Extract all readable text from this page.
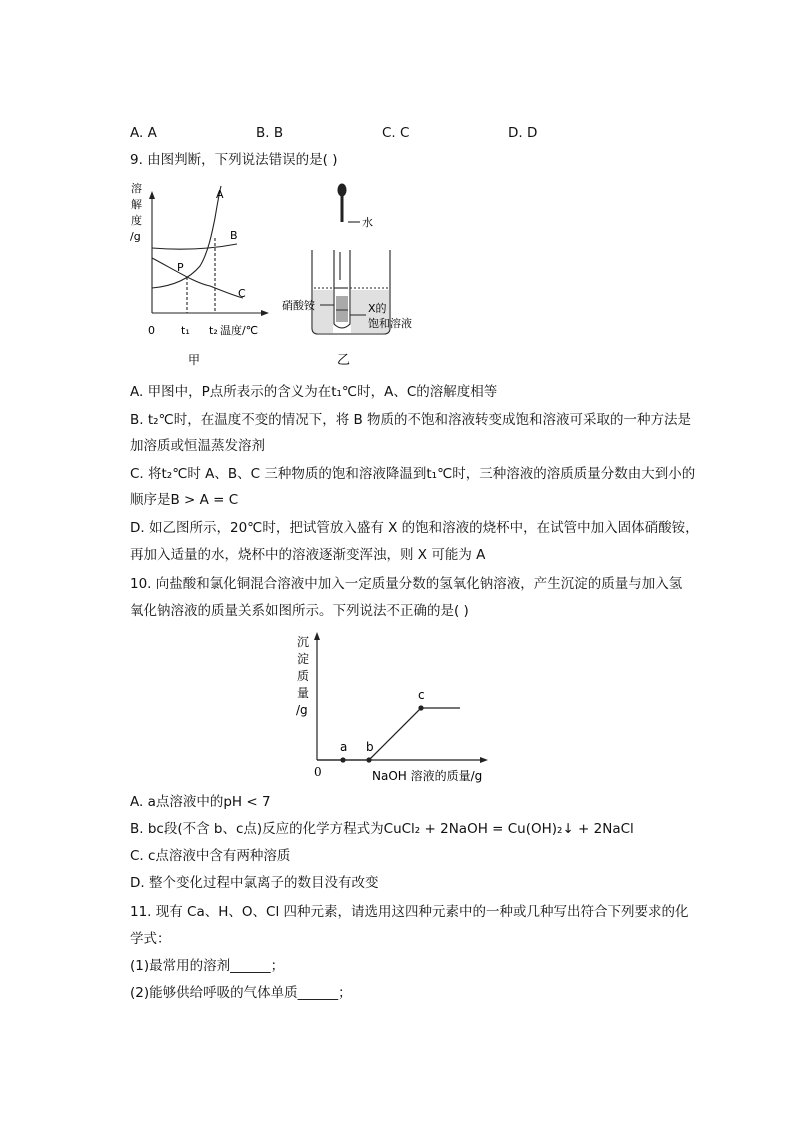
A. A	B. B	C. C	D. D
9. 由图判断，下列说法错误的是( )
溶
解
度
/g
A
B
C
P
0 t₁ t₂ 温度/℃
甲
水
硝酸铵	X的
饱和溶液
乙
A. 甲图中，P点所表示的含义为在t₁℃时，A、C的溶解度相等
B. t₂℃时，在温度不变的情况下，将 B 物质的不饱和溶液转变成饱和溶液可采取的一种方法是
加溶质或恒温蒸发溶剂
C. 将t₂℃时 A、B、C 三种物质的饱和溶液降温到t₁℃时，三种溶液的溶质质量分数由大到小的
顺序是B > A = C
D. 如乙图所示，20℃时，把试管放入盛有 X 的饱和溶液的烧杯中，在试管中加入固体硝酸铵，
再加入适量的水，烧杯中的溶液逐渐变浑浊，则 X 可能为 A
10. 向盐酸和氯化铜混合溶液中加入一定质量分数的氢氧化钠溶液，产生沉淀的质量与加入氢
氧化钠溶液的质量关系如图所示。下列说法不正确的是( )
a b
c
沉
淀
质
量
/g
0	NaOH 溶液的质量/g
A. a点溶液中的pH < 7
B. bc段(不含 b、c点)反应的化学方程式为CuCl₂ + 2NaOH = Cu(OH)₂↓ + 2NaCl
C. c点溶液中含有两种溶质
D. 整个变化过程中氯离子的数目没有改变
11. 现有 Ca、H、O、Cl 四种元素，请选用这四种元素中的一种或几种写出符合下列要求的化
学式：
(1)最常用的溶剂______；
(2)能够供给呼吸的气体单质______；
